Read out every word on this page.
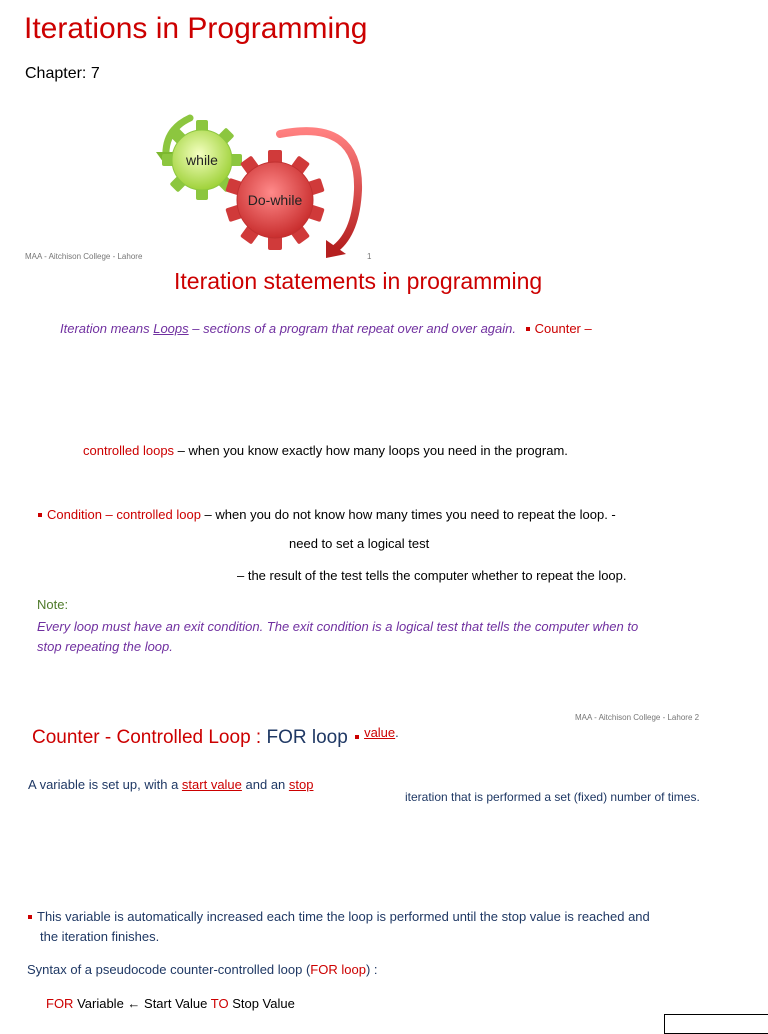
Iterations in Programming
Chapter: 7
while
Do-while
MAA - Aitchison College - Lahore	1
Iteration statements in programming
Iteration means Loops – sections of a program that repeat over and over again. Counter –
controlled loops – when you know exactly how many loops you need in the program.
Condition – controlled loop – when you do not know how many times you need to repeat the loop. -
need to set a logical test
– the result of the test tells the computer whether to repeat the loop.
Note:
Every loop must have an exit condition. The exit condition is a logical test that tells the computer when to
stop repeating the loop.
MAA - Aitchison College - Lahore 2
Counter - Controlled Loop : FOR loop $^{value.}$
A variable is set up, with a start value and an stop
iteration that is performed a set (fixed) number of times.
This variable is automatically increased each time the loop is performed until the stop value is reached and
the iteration finishes.
Syntax of a pseudocode counter-controlled loop (FOR loop) :
FOR Variable ← Start Value TO Stop Value
